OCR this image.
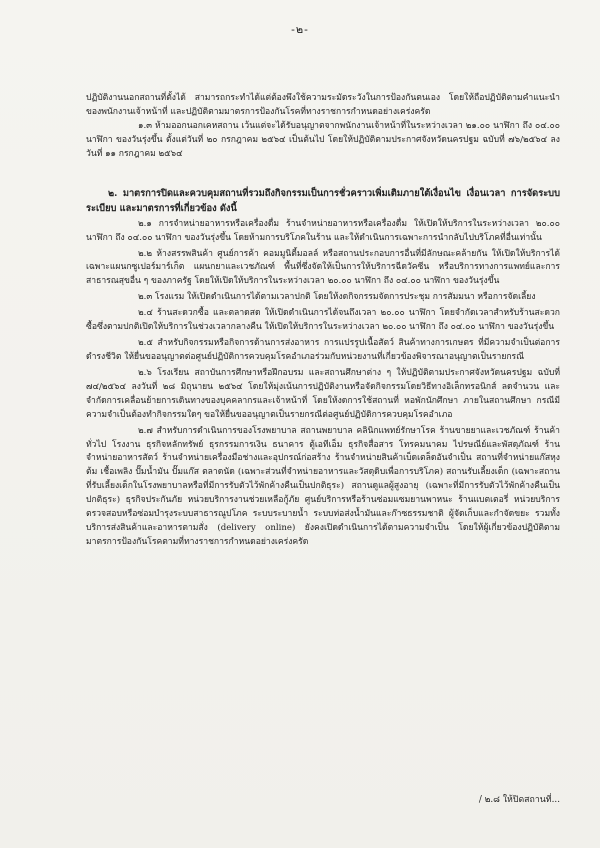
-๒-

ปฏิบัติงานนอกสถานที่ตั้งได้ สามารถกระทำได้แต่ต้องพึงใช้ความระมัดระวังในการป้องกันตนเอง โดยให้ถือปฏิบัติตามคำแนะนำของพนักงานเจ้าหน้าที่ และปฏิบัติตามมาตรการป้องกันโรคที่ทางราชการกำหนดอย่างเคร่งครัด

๑.๓ ห้ามออกนอกเคหสถาน เว้นแต่จะได้รับอนุญาตจากพนักงานเจ้าหน้าที่ในระหว่างเวลา ๒๑.๐๐ นาฬิกา ถึง ๐๔.๐๐ นาฬิกา ของวันรุ่งขึ้น ตั้งแต่วันที่ ๒๐ กรกฎาคม ๒๕๖๔ เป็นต้นไป โดยให้ปฏิบัติตามประกาศจังหวัดนครปฐม ฉบับที่ ๗๖/๒๕๖๔ ลงวันที่ ๑๑ กรกฎาคม ๒๕๖๔

๒. มาตรการปิดและควบคุมสถานที่รวมถึงกิจกรรมเป็นการชั่วคราวเพิ่มเติมภายใต้เงื่อนไข เงื่อนเวลา การจัดระบบ ระเบียบ และมาตรการที่เกี่ยวข้อง ดังนี้

๒.๑ การจำหน่ายอาหารหรือเครื่องดื่ม ร้านจำหน่ายอาหารหรือเครื่องดื่ม ให้เปิดให้บริการในระหว่างเวลา ๒๐.๐๐ นาฬิกา ถึง ๐๔.๐๐ นาฬิกา ของวันรุ่งขึ้น โดยห้ามการบริโภคในร้าน และให้ดำเนินการเฉพาะการนำกลับไปบริโภคที่อื่นเท่านั้น

๒.๒ ห้างสรรพสินค้า ศูนย์การค้า คอมมูนิตี้มอลล์ หรือสถานประกอบการอื่นที่มีลักษณะคล้ายกัน ให้เปิดให้บริการได้เฉพาะแผนกซูเปอร์มาร์เก็ต แผนกยาและเวชภัณฑ์ พื้นที่ซึ่งจัดให้เป็นการให้บริการฉีดวัคซีน หรือบริการทางการแพทย์และการสาธารณสุขอื่น ๆ ของภาครัฐ โดยให้เปิดให้บริการในระหว่างเวลา ๒๐.๐๐ นาฬิกา ถึง ๐๔.๐๐ นาฬิกา ของวันรุ่งขึ้น

๒.๓ โรงแรม ให้เปิดดำเนินการได้ตามเวลาปกติ โดยให้งดกิจกรรมจัดการประชุม การสัมมนา หรือการจัดเลี้ยง

๒.๔ ร้านสะดวกซื้อ และตลาดสด ให้เปิดดำเนินการได้จนถึงเวลา ๒๐.๐๐ นาฬิกา โดยจำกัดเวลาสำหรับร้านสะดวกซื้อซึ่งตามปกติเปิดให้บริการในช่วงเวลากลางคืน ให้เปิดให้บริการในระหว่างเวลา ๒๐.๐๐ นาฬิกา ถึง ๐๔.๐๐ นาฬิกา ของวันรุ่งขึ้น

๒.๕ สำหรับกิจกรรมหรือกิจการด้านการส่งอาหาร การแปรรูปเนื้อสัตว์ สินค้าทางการเกษตร ที่มีความจำเป็นต่อการดำรงชีวิต ให้ยื่นขออนุญาตต่อศูนย์ปฏิบัติการควบคุมโรคอำเภอร่วมกับหน่วยงานที่เกี่ยวข้องพิจารณาอนุญาตเป็นรายกรณี

๒.๖ โรงเรียน สถาบันการศึกษาหรือฝึกอบรม และสถานศึกษาต่าง ๆ ให้ปฏิบัติตามประกาศจังหวัดนครปฐม ฉบับที่ ๗๔/๒๕๖๔ ลงวันที่ ๒๘ มิถุนายน ๒๕๖๔ โดยให้มุ่งเน้นการปฏิบัติงานหรือจัดกิจกรรมโดยวิธีทางอิเล็กทรอนิกส์ ลดจำนวน และจำกัดการเคลื่อนย้ายการเดินทางของบุคคลากรและเจ้าหน้าที่ โดยให้งดการใช้สถานที่ หอพักนักศึกษา ภายในสถานศึกษา กรณีมีความจำเป็นต้องทำกิจกรรมใดๆ ขอให้ยื่นขออนุญาตเป็นรายกรณีต่อศูนย์ปฏิบัติการควบคุมโรคอำเภอ

๒.๗ สำหรับการดำเนินการของโรงพยาบาล สถานพยาบาล คลินิกแพทย์รักษาโรค ร้านขายยาและเวชภัณฑ์ ร้านค้าทั่วไป โรงงาน ธุรกิจหลักทรัพย์ ธุรกรรมการเงิน ธนาคาร ตู้เอทีเอ็ม ธุรกิจสื่อสาร โทรคมนาคม ไปรษณีย์และพัสดุภัณฑ์ ร้านจำหน่ายอาหารสัตว์ ร้านจำหน่ายเครื่องมือช่างและอุปกรณ์ก่อสร้าง ร้านจำหน่ายสินค้าเบ็ดเตล็ดอันจำเป็น สถานที่จำหน่ายแก๊สหุงต้ม เชื้อเพลิง ปั๊มน้ำมัน ปั๊มแก๊ส ตลาดนัด (เฉพาะส่วนที่จำหน่ายอาหารและวัสดุดิบเพื่อการบริโภค) สถานรับเลี้ยงเด็ก (เฉพาะสถานที่รับเลี้ยงเด็กในโรงพยาบาลหรือที่มีการรับตัวไว้พักค้างคืนเป็นปกติธุระ) สถานดูแลผู้สูงอายุ (เฉพาะที่มีการรับตัวไว้พักค้างคืนเป็นปกติธุระ) ธุรกิจประกันภัย หน่วยบริการงานช่วยเหลือกู้ภัย ศูนย์บริการหรือร้านซ่อมแซมยานพาหนะ ร้านแบตเตอรี่ หน่วยบริการตรวจสอบหรือซ่อมบำรุงระบบสาธารณูปโภค ระบบระบายน้ำ ระบบท่อส่งน้ำมันและก๊าซธรรมชาติ ผู้จัดเก็บและกำจัดขยะ รวมทั้งบริการส่งสินค้าและอาหารตามสั่ง (delivery online) ยังคงเปิดดำเนินการได้ตามความจำเป็น โดยให้ผู้เกี่ยวข้องปฏิบัติตามมาตรการป้องกันโรคตามที่ทางราชการกำหนดอย่างเคร่งครัด

/ ๒.๘ ให้ปิดสถานที่...
